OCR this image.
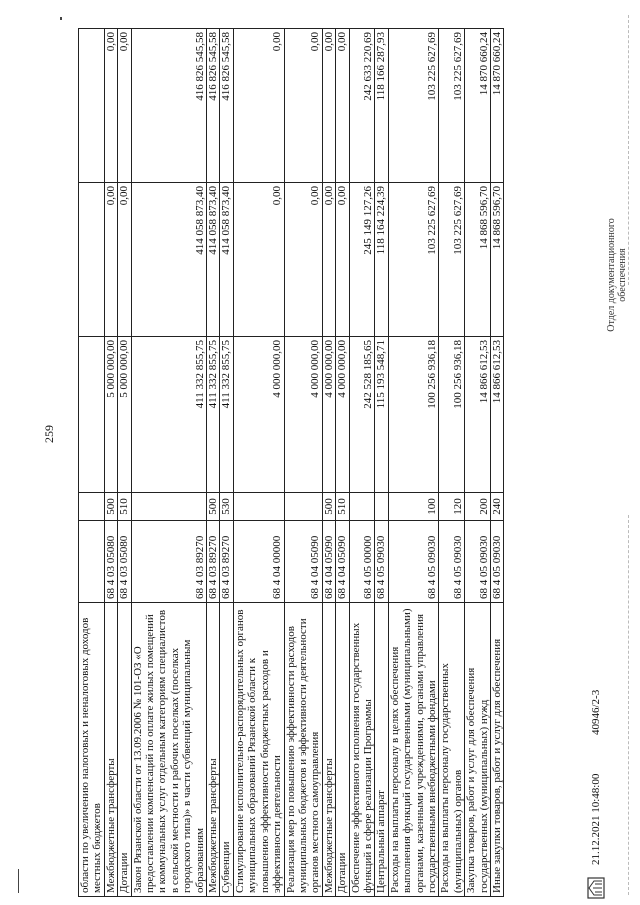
259
области по увеличению налоговых и неналоговых доходов местных бюджетов					
Межбюджетные трансферты	68 4 03 05080	500	5 000 000,00	0,00	0,00
Дотации	68 4 03 05080	510	5 000 000,00	0,00	0,00
Закон Рязанской области от 13.09.2006 № 101-ОЗ «О предоставлении компенсаций по оплате жилых помещений и коммунальных услуг отдельным категориям специалистов в сельской местности и рабочих поселках (поселках городского типа)» в части субвенций муниципальным образованиям	68 4 03 89270		411 332 855,75	414 058 873,40	416 826 545,58
Межбюджетные трансферты	68 4 03 89270	500	411 332 855,75	414 058 873,40	416 826 545,58
Субвенции	68 4 03 89270	530	411 332 855,75	414 058 873,40	416 826 545,58
Стимулирование исполнительно-распорядительных органов муниципальных образований Рязанской области к повышению эффективности бюджетных расходов и эффективности деятельности	68 4 04 00000		4 000 000,00	0,00	0,00
Реализация мер по повышению эффективности расходов муниципальных бюджетов и эффективности деятельности органов местного самоуправления	68 4 04 05090		4 000 000,00	0,00	0,00
Межбюджетные трансферты	68 4 04 05090	500	4 000 000,00	0,00	0,00
Дотации	68 4 04 05090	510	4 000 000,00	0,00	0,00
Обеспечение эффективного исполнения государственных функций в сфере реализации Программы	68 4 05 00000		242 528 185,65	245 149 127,26	242 633 220,69
Центральный аппарат	68 4 05 09030		115 193 548,71	118 164 224,39	118 166 287,93
Расходы на выплаты персоналу в целях обеспечения выполнения функций государственными (муниципальными) органами, казенными учреждениями, органами управления государственными внебюджетными фондами	68 4 05 09030	100	100 256 936,18	103 225 627,69	103 225 627,69
Расходы на выплаты персоналу государственных (муниципальных) органов	68 4 05 09030	120	100 256 936,18	103 225 627,69	103 225 627,69
Закупка товаров, работ и услуг для обеспечения государственных (муниципальных) нужд	68 4 05 09030	200	14 866 612,53	14 868 596,70	14 870 660,24
Иные закупки товаров, работ и услуг для обеспечения	68 4 05 09030	240	14 866 612,53	14 868 596,70	14 870 660,24
21.12.2021 10:48:00
40946/2-3
Отдел документационного обеспечения
